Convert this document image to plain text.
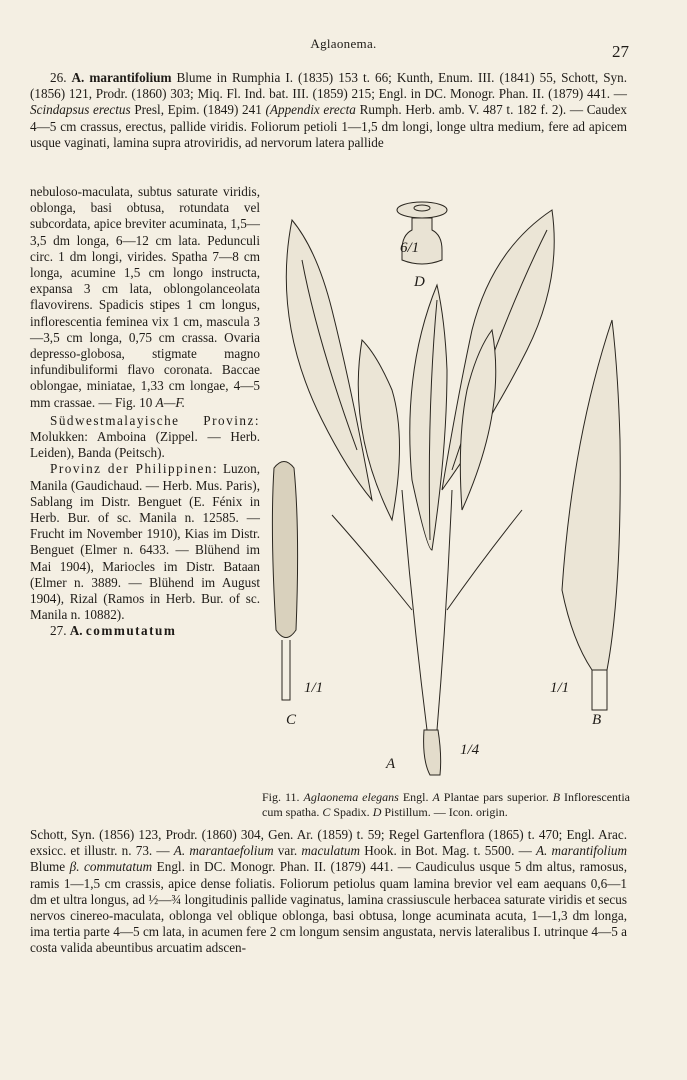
Aglaonema.	27

26. A. marantifolium Blume in Rumphia I. (1835) 153 t. 66; Kunth, Enum. III. (1841) 55, Schott, Syn. (1856) 121, Prodr. (1860) 303; Miq. Fl. Ind. bat. III. (1859) 215; Engl. in DC. Monogr. Phan. II. (1879) 441. — Scindapsus erectus Presl, Epim. (1849) 241 (Appendix erecta Rumph. Herb. amb. V. 487 t. 182 f. 2). — Caudex 4—5 cm crassus, erectus, pallide viridis. Foliorum petioli 1—1,5 dm longi, longe ultra medium, fere ad apicem usque vaginati, lamina supra atroviridis, ad nervorum latera pallide

nebuloso-maculata, subtus saturate viridis, oblonga, basi obtusa, rotundata vel subcordata, apice breviter acuminata, 1,5—3,5 dm longa, 6—12 cm lata. Pedunculi circ. 1 dm longi, virides. Spatha 7—8 cm longa, acumine 1,5 cm longo instructa, expansa 3 cm lata, oblongolanceolata flavovirens. Spadicis stipes 1 cm longus, inflorescentia feminea vix 1 cm, mascula 3—3,5 cm longa, 0,75 cm crassa. Ovaria depresso-globosa, stigmate magno infundibuliformi flavo coronata. Baccae oblongae, miniatae, 1,33 cm longae, 4—5 mm crassae. — Fig. 10 A—F.

Südwestmalayische Provinz: Molukken: Amboina (Zippel. — Herb. Leiden), Banda (Peitsch).

Provinz der Philippinen: Luzon, Manila (Gaudichaud. — Herb. Mus. Paris), Sablang im Distr. Benguet (E. Fénix in Herb. Bur. of sc. Manila n. 12585. — Frucht im November 1910), Kias im Distr. Benguet (Elmer n. 6433. — Blühend im Mai 1904), Mariocles im Distr. Bataan (Elmer n. 3889. — Blühend im August 1904), Rizal (Ramos in Herb. Bur. of sc. Manila n. 10882).

27. A. commutatum

6/1
D
1/1
C
1/1
B
1/4
A
Fig. 11. Aglaonema elegans Engl. A Plantae pars superior. B Inflorescentia cum spatha. C Spadix. D Pistillum. — Icon. origin.

Schott, Syn. (1856) 123, Prodr. (1860) 304, Gen. Ar. (1859) t. 59; Regel Gartenflora (1865) t. 470; Engl. Arac. exsicc. et illustr. n. 73. — A. marantaefolium var. maculatum Hook. in Bot. Mag. t. 5500. — A. marantifolium Blume β. commutatum Engl. in DC. Monogr. Phan. II. (1879) 441. — Caudiculus usque 5 dm altus, ramosus, ramis 1—1,5 cm crassis, apice dense foliatis. Foliorum petiolus quam lamina brevior vel eam aequans 0,6—1 dm et ultra longus, ad ½—¾ longitudinis pallide vaginatus, lamina crassiuscule herbacea saturate viridis et secus nervos cinereo-maculata, oblonga vel oblique oblonga, basi obtusa, longe acuminata acuta, 1—1,3 dm longa, ima tertia parte 4—5 cm lata, in acumen fere 2 cm longum sensim angustata, nervis lateralibus I. utrinque 4—5 a costa valida abeuntibus arcuatim adscen-
